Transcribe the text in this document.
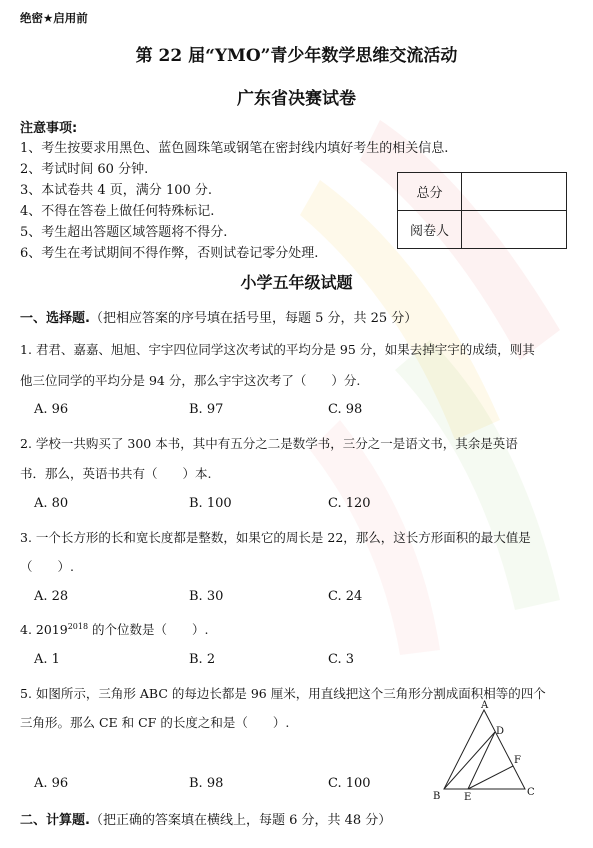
绝密★启用前
第 22 届“YMO”青少年数学思维交流活动
广东省决赛试卷
注意事项:
1、考生按要求用黑色、蓝色圆珠笔或钢笔在密封线内填好考生的相关信息.
2、考试时间 60 分钟.
3、本试卷共 4 页，满分 100 分.
4、不得在答卷上做任何特殊标记.
5、考生超出答题区域答题将不得分.
6、考生在考试期间不得作弊，否则试卷记零分处理.
总分	
阅卷人	
小学五年级试题
一、选择题.（把相应答案的序号填在括号里，每题 5 分，共 25 分）
1. 君君、嘉嘉、旭旭、宇宇四位同学这次考试的平均分是 95 分，如果去掉宇宇的成绩，则其
他三位同学的平均分是 94 分，那么宇宇这次考了（　　）分.
A. 96	B. 97	C. 98
2. 学校一共购买了 300 本书，其中有五分之二是数学书，三分之一是语文书，其余是英语
书．那么，英语书共有（　　）本.
A. 80	B. 100	C. 120
3. 一个长方形的长和宽长度都是整数，如果它的周长是 22，那么，这长方形面积的最大值是
（　　）.
A. 28	B. 30	C. 24
4. $2019^{2018}$ 的个位数是（　　）.
A. 1	B. 2	C. 3
5. 如图所示，三角形 ABC 的每边长都是 96 厘米，用直线把这个三角形分割成面积相等的四个
三角形。那么 CE 和 CF 的长度之和是（　　）.
A. 96	B. 98	C. 100
A
B	C
D
E
F
二、计算题.（把正确的答案填在横线上，每题 6 分，共 48 分）
